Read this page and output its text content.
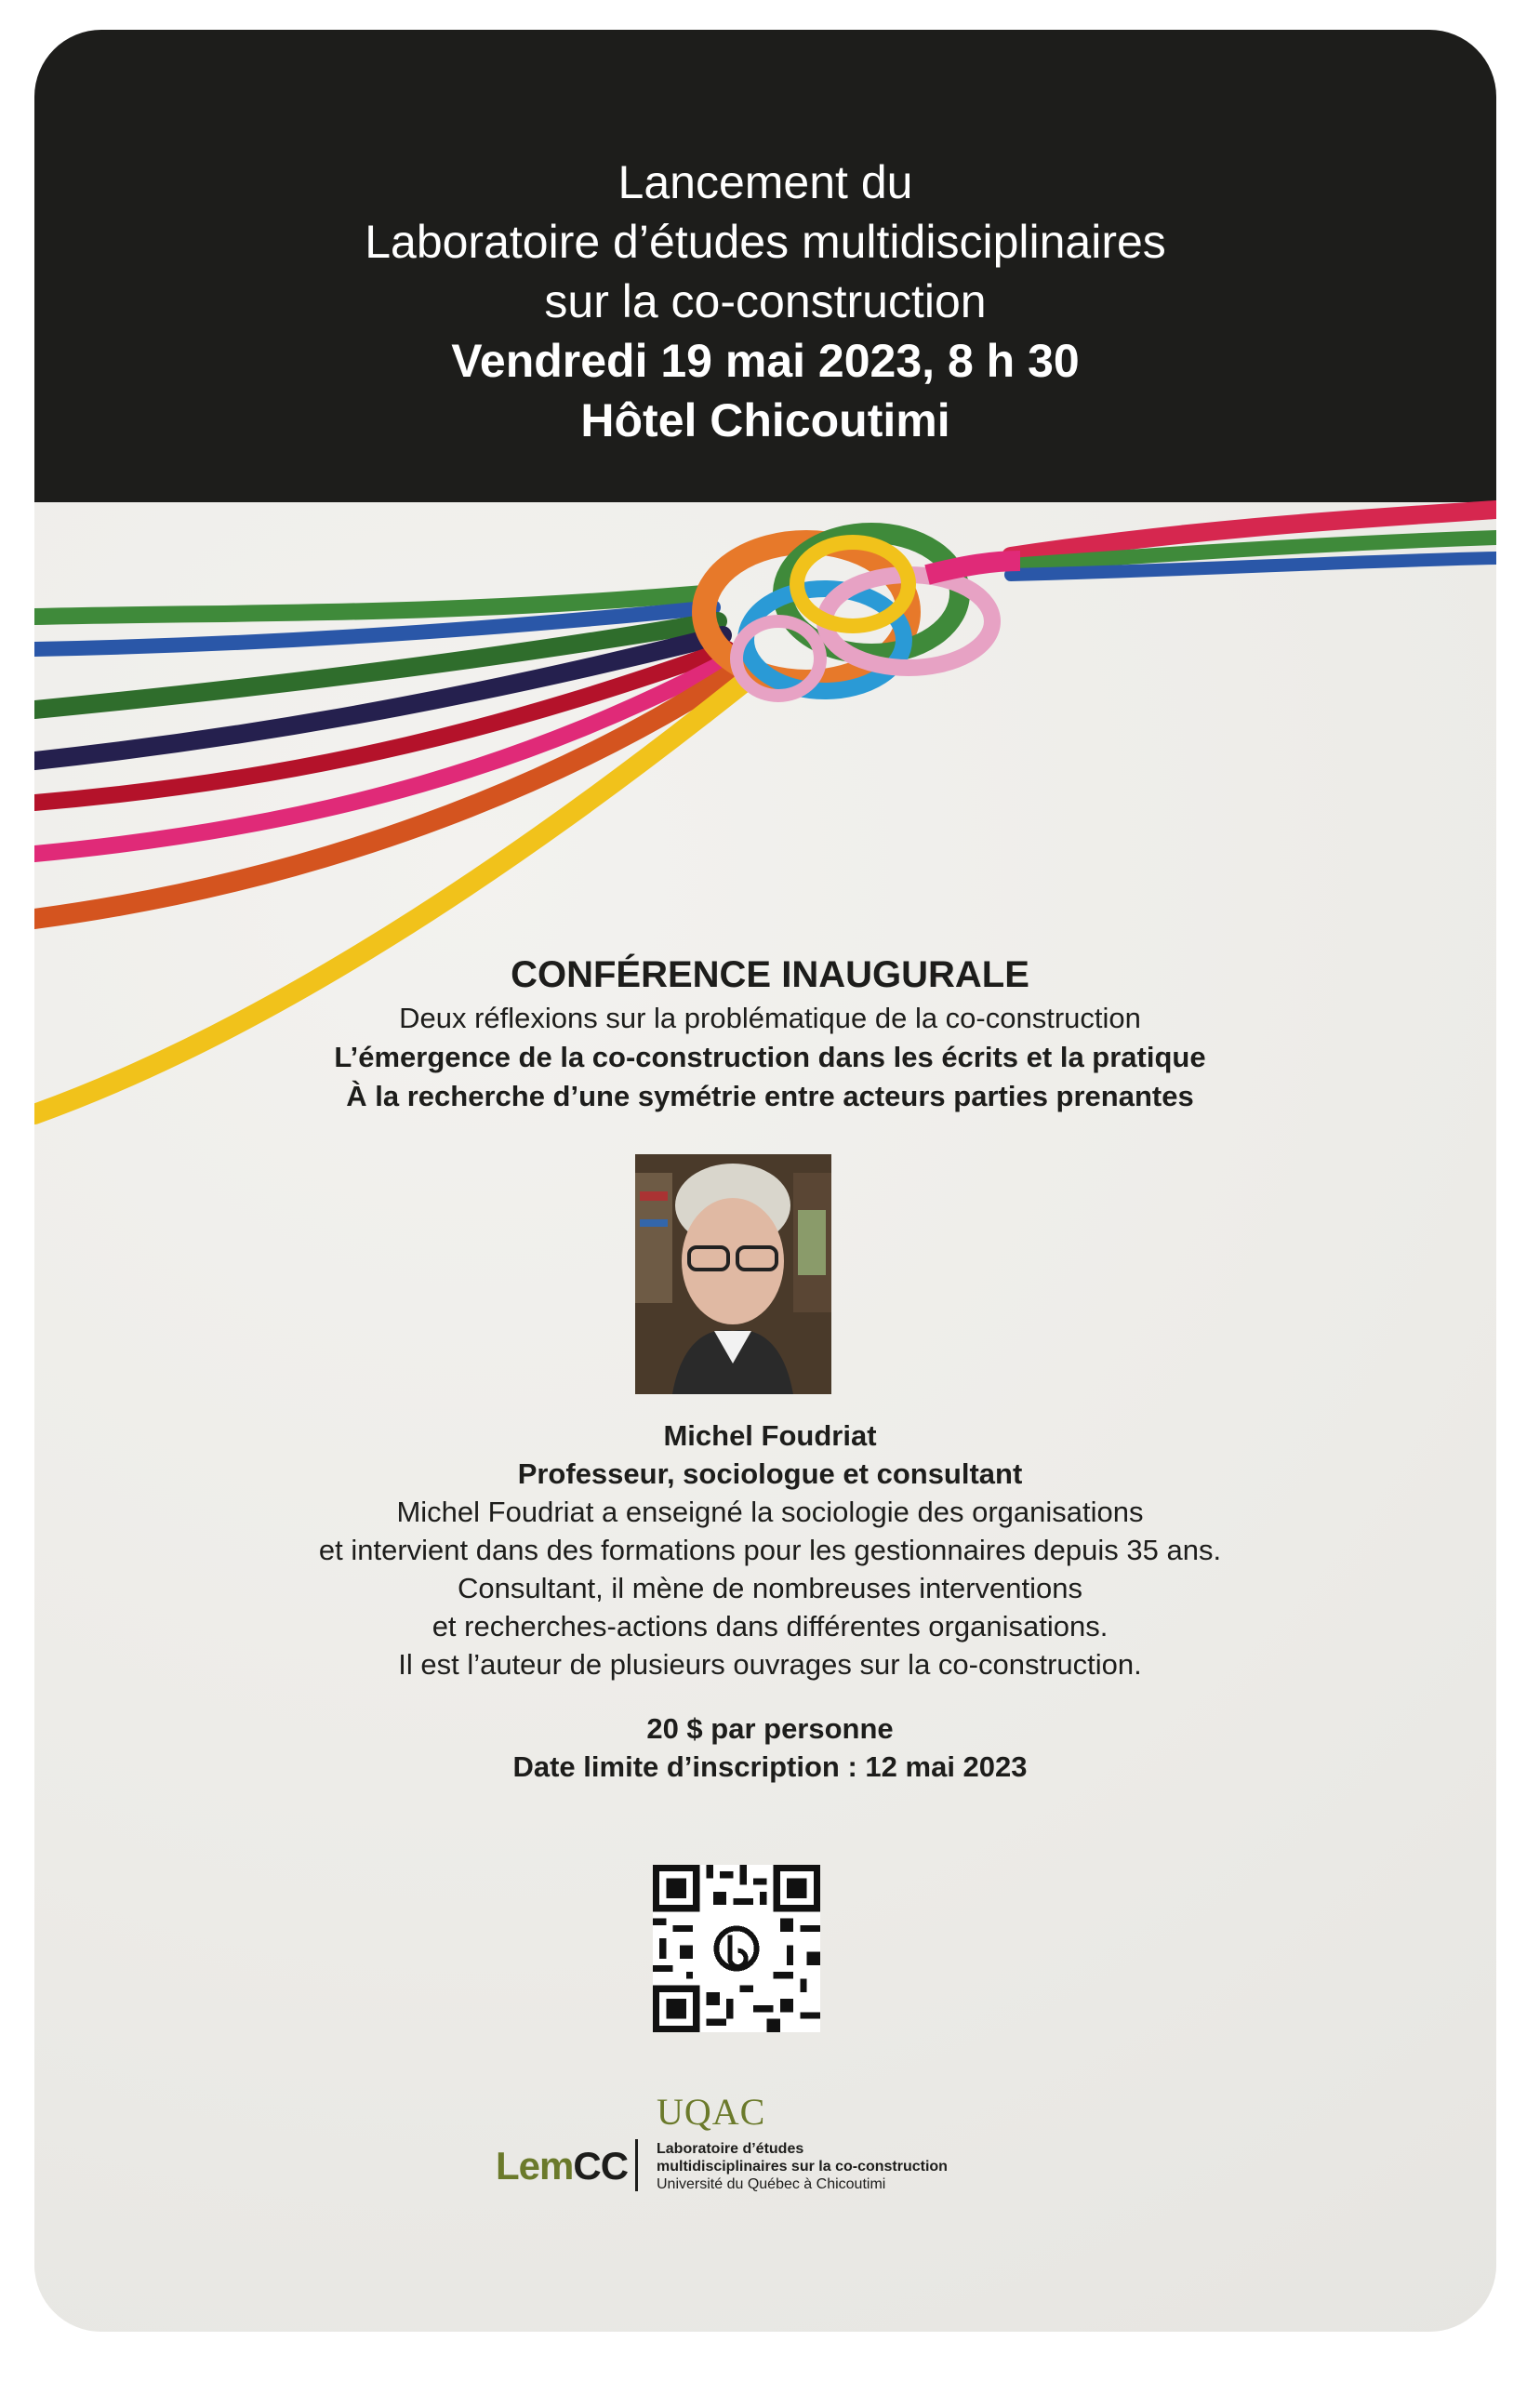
Lancement du
Laboratoire d’études multidisciplinaires
sur la co-construction
Vendredi 19 mai 2023, 8 h 30
Hôtel Chicoutimi
CONFÉRENCE INAUGURALE
Deux réflexions sur la problématique de la co-construction
L’émergence de la co-construction dans les écrits et la pratique
À la recherche d’une symétrie entre acteurs parties prenantes
Michel Foudriat
Professeur, sociologue et consultant
Michel Foudriat a enseigné la sociologie des organisations
et intervient dans des formations pour les gestionnaires depuis 35 ans.
Consultant, il mène de nombreuses interventions
et recherches-actions dans différentes organisations.
Il est l’auteur de plusieurs ouvrages sur la co-construction.
20 $ par personne
Date limite d’inscription : 12 mai 2023
UQAC
LemCC Laboratoire d’études
multidisciplinaires sur la co-construction
Université du Québec à Chicoutimi
